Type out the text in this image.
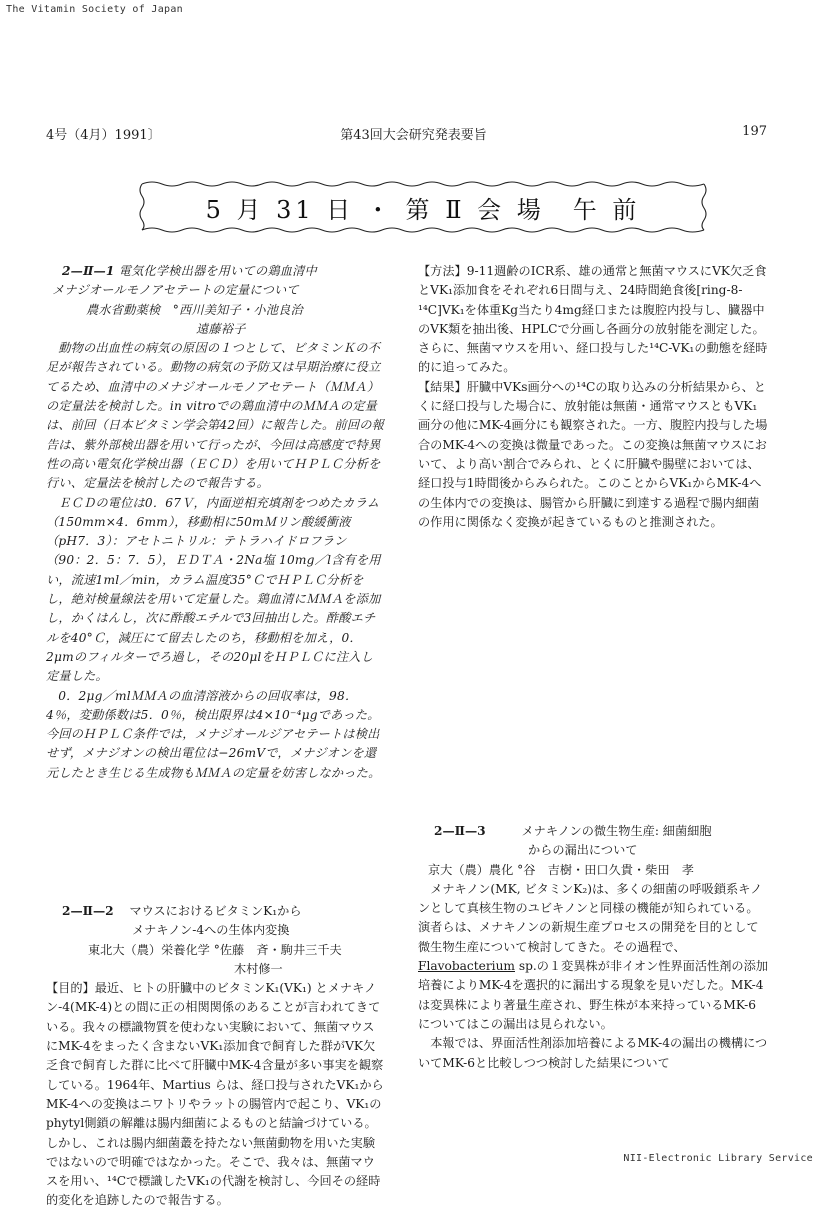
The Vitamin Society of Japan
4号（4月）1991〕	第43回大会研究発表要旨	197
5 月 31 日 ・ 第 Ⅱ 会 場　午 前
2—Ⅱ—1 電気化学検出器を用いての鶏血清中
メナジオールモノアセテートの定量について
農水省動薬検　°西川美知子・小池良治
遠藤裕子

動物の出血性の病気の原因の１つとして、ビタミンＫの不足が報告されている。動物の病気の予防又は早期治療に役立てるため、血清中のメナジオールモノアセテート（ＭＭＡ）の定量法を検討した。in vitroでの鶏血清中のＭＭＡの定量は、前回（日本ビタミン学会第42回）に報告した。前回の報告は、紫外部検出器を用いて行ったが、今回は高感度で特異性の高い電気化学検出器（ＥＣＤ）を用いてＨＰＬＣ分析を行い、定量法を検討したので報告する。

ＥＣＤの電位は0．67Ｖ，内面逆相充填剤をつめたカラム（150mm×4．6mm），移動相に50mＭリン酸緩衝液（pH7．3）：アセトニトリル：テトラハイドロフラン（90：2．5：7．5），ＥＤＴＡ・2Na塩 10mg／l含有を用い，流速1ml／min，カラム温度35°ＣでＨＰＬＣ分析をし，絶対検量線法を用いて定量した。鶏血清にＭＭＡを添加し，かくはんし，次に酢酸エチルで3回抽出した。酢酸エチルを40°Ｃ，減圧にて留去したのち，移動相を加え，0．2μmのフィルターでろ過し，その20μlをＨＰＬＣに注入し定量した。

0．2μg／mlＭＭＡの血清溶液からの回収率は，98．4％，変動係数は5．0％，検出限界は4×10⁻⁴μgであった。今回のＨＰＬＣ条件では，メナジオールジアセテートは検出せず，メナジオンの検出電位は−26mVで，メナジオンを還元したとき生じる生成物もＭＭＡの定量を妨害しなかった。

2—Ⅱ—2 マウスにおけるビタミンK₁から
メナキノン-4への生体内変換
東北大（農）栄養化学 °佐藤　斉・駒井三千夫
木村修一

【目的】最近、ヒトの肝臓中のビタミンK₁(VK₁) とメナキノン-4(MK-4)との間に正の相関関係のあることが言われてきている。我々の標識物質を使わない実験において、無菌マウスにMK-4をまったく含まないVK₁添加食で飼育した群がVK欠乏食で飼育した群に比べて肝臓中MK-4含量が多い事実を観察している。1964年、Martius らは、経口投与されたVK₁からMK-4への変換はニワトリやラットの腸管内で起こり、VK₁のphytyl側鎖の解離は腸内細菌によるものと結論づけている。しかし、これは腸内細菌叢を持たない無菌動物を用いた実験ではないので明確ではなかった。そこで、我々は、無菌マウスを用い、¹⁴Cで標識したVK₁の代謝を検討し、今回その経時的変化を追跡したので報告する。

【方法】9-11週齢のICR系、雄の通常と無菌マウスにVK欠乏食とVK₁添加食をそれぞれ6日間与え、24時間絶食後[ring-8-¹⁴C]VK₁を体重Kg当たり4mg経口または腹腔内投与し、臓器中のVK類を抽出後、HPLCで分画し各画分の放射能を測定した。さらに、無菌マウスを用い、経口投与した¹⁴C-VK₁の動態を経時的に追ってみた。

【結果】肝臓中VKs画分への¹⁴Cの取り込みの分析結果から、とくに経口投与した場合に、放射能は無菌・通常マウスともVK₁画分の他にMK-4画分にも観察された。一方、腹腔内投与した場合のMK-4への変換は微量であった。この変換は無菌マウスにおいて、より高い割合でみられ、とくに肝臓や腸壁においては、経口投与1時間後からみられた。このことからVK₁からMK-4への生体内での変換は、腸管から肝臓に到達する過程で腸内細菌の作用に関係なく変換が起きているものと推測された。

2—Ⅱ—3	メナキノンの微生物生産: 細菌細胞
からの漏出について
京大（農）農化 °谷　吉樹・田口久貴・柴田　孝

メナキノン(MK, ビタミンK₂)は、多くの細菌の呼吸鎖系キノンとして真核生物のユビキノンと同様の機能が知られている。演者らは、メナキノンの新規生産プロセスの開発を目的として微生物生産について検討してきた。その過程で、Flavobacterium sp.の１変異株が非イオン性界面活性剤の添加培養によりMK-4を選択的に漏出する現象を見いだした。MK-4は変異株により著量生産され、野生株が本来持っているMK-6についてはこの漏出は見られない。

本報では、界面活性剤添加培養によるMK-4の漏出の機構についてMK-6と比較しつつ検討した結果について

NII-Electronic Library Service
